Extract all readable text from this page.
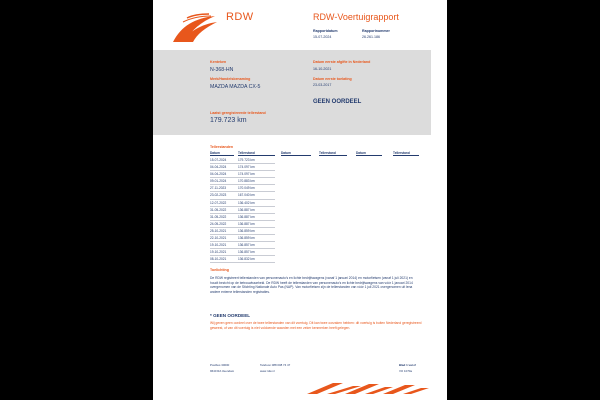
RDW	RDW-Voertuigrapport
Rapportdatum	Rapportnummer
15-07-2024	26.261.186
Kenteken
N-368-HN
Merk/Handelsbenaming
MAZDA MAZDA CX-5
Laatst geregistreerde tellerstand
179.723 km
Datum eerste afgifte in Nederland
16-10-2021
Datum eerste toelating
23-03-2017
GEEN OORDEEL
Tellerstanden
Datum	Tellerstand	Datum	Tellerstand	Datum	Tellerstand
15-07-2024	179.723 km
04-04-2024	174.097 km
04-04-2024	174.097 km
09-01-2024	170.883 km
27-11-2023	170.049 km
23-02-2023	167.040 km
12-07-2022	136.402 km
31-05-2022	136.887 km
31-05-2022	136.887 km
24-05-2022	136.887 km
25-10-2021	136.859 km
22-10-2021	136.859 km
19-10-2021	136.857 km
19-10-2021	136.857 km
08-10-2021	136.832 km
Toelichting
De RDW registreert tellerstanden van personenauto's en lichte bedrijfswagens (vanaf 1 januari 2014) en motorfietsen (vanaf 1 juli 2021) en houdt bezicht op de betrouwbaarheid. De RDW heeft de tellerstanden van personenauto's en lichte bedrijfswagens van vóór 1 januari 2014 overgenomen van de Stichting Nationale Auto Pas (NAP). Van motorfietsen zijn de tellerstanden van vóór 1 juli 2021 overgenomen uit lena andere externe tellerstanden registraties.
* GEEN OORDEEL
Wij geven geen oordeel over de twee tellerstanden van dit voertuig. Dit kan twee oorzaken hebben: dit voertuig is buiten Nederland geregistreerd geweest, of van dit voertuig is niet voldoende waarden met een zeker kenmerken heeft gelegen.
Postbus 30000
9640 RA Veendam
Telefoon 088 008 74 47
www.rdw.nl
Blad 1 van 2
VO 1070a
